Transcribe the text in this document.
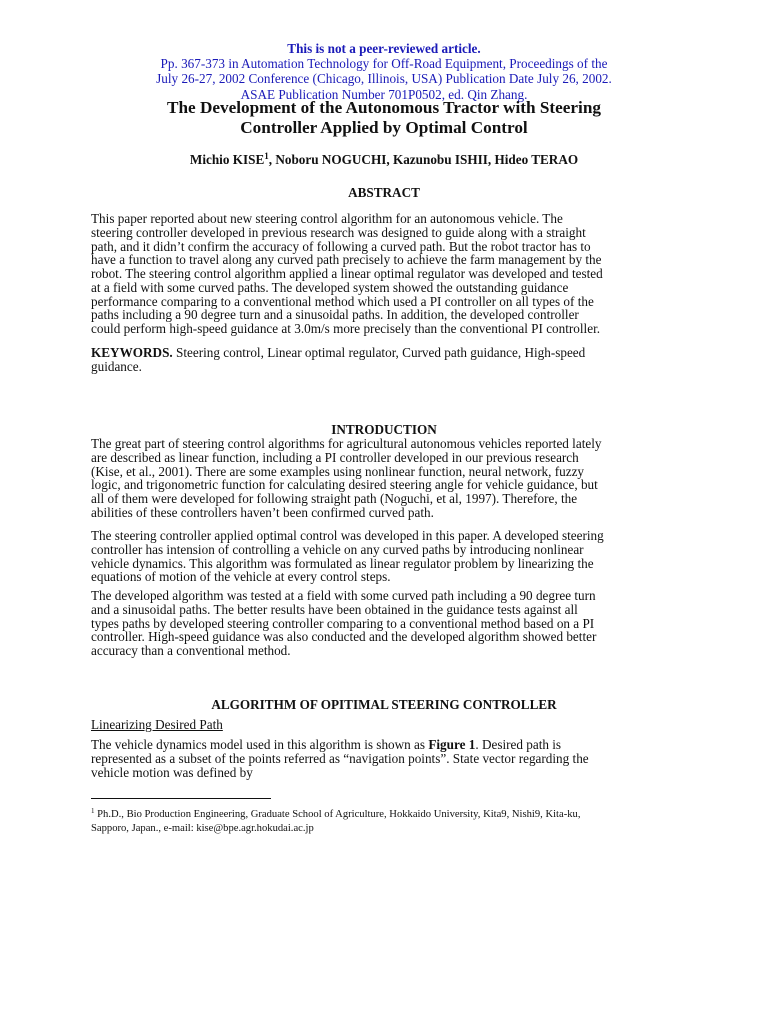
This is not a peer-reviewed article.
Pp. 367-373 in Automation Technology for Off-Road Equipment, Proceedings of the
July 26-27, 2002 Conference (Chicago, Illinois, USA) Publication Date July 26, 2002.
ASAE Publication Number 701P0502, ed. Qin Zhang.
The Development of the Autonomous Tractor with Steering
Controller Applied by Optimal Control
Michio KISE$^1$, Noboru NOGUCHI, Kazunobu ISHII, Hideo TERAO
ABSTRACT
This paper reported about new steering control algorithm for an autonomous vehicle. The
steering controller developed in previous research was designed to guide along with a straight
path, and it didn’t confirm the accuracy of following a curved path. But the robot tractor has to
have a function to travel along any curved path precisely to achieve the farm management by the
robot. The steering control algorithm applied a linear optimal regulator was developed and tested
at a field with some curved paths. The developed system showed the outstanding guidance
performance comparing to a conventional method which used a PI controller on all types of the
paths including a 90 degree turn and a sinusoidal paths. In addition, the developed controller
could perform high-speed guidance at 3.0m/s more precisely than the conventional PI controller.
KEYWORDS. Steering control, Linear optimal regulator, Curved path guidance, High-speed
guidance.
INTRODUCTION
The great part of steering control algorithms for agricultural autonomous vehicles reported lately
are described as linear function, including a PI controller developed in our previous research
(Kise, et al., 2001). There are some examples using nonlinear function, neural network, fuzzy
logic, and trigonometric function for calculating desired steering angle for vehicle guidance, but
all of them were developed for following straight path (Noguchi, et al, 1997). Therefore, the
abilities of these controllers haven’t been confirmed curved path.
The steering controller applied optimal control was developed in this paper. A developed steering
controller has intension of controlling a vehicle on any curved paths by introducing nonlinear
vehicle dynamics. This algorithm was formulated as linear regulator problem by linearizing the
equations of motion of the vehicle at every control steps.
The developed algorithm was tested at a field with some curved path including a 90 degree turn
and a sinusoidal paths. The better results have been obtained in the guidance tests against all
types paths by developed steering controller comparing to a conventional method based on a PI
controller. High-speed guidance was also conducted and the developed algorithm showed better
accuracy than a conventional method.
ALGORITHM OF OPITIMAL STEERING CONTROLLER
Linearizing Desired Path
The vehicle dynamics model used in this algorithm is shown as Figure 1. Desired path is
represented as a subset of the points referred as “navigation points”. State vector regarding the
vehicle motion was defined by
$^1$ Ph.D., Bio Production Engineering, Graduate School of Agriculture, Hokkaido University, Kita9, Nishi9, Kita-ku,
Sapporo, Japan., e-mail: kise@bpe.agr.hokudai.ac.jp
